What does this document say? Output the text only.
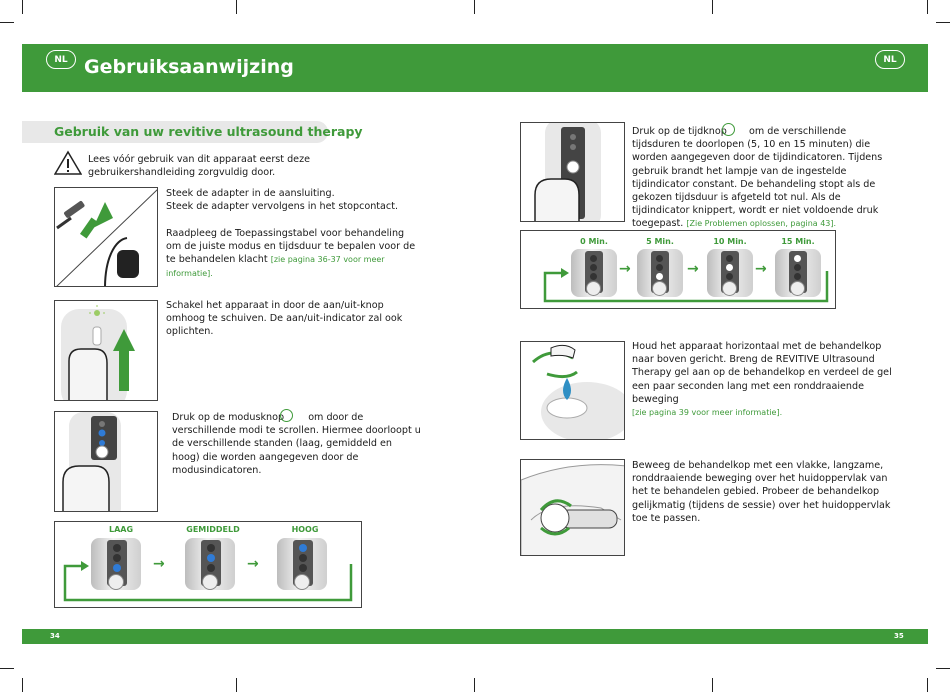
NL	NL
Gebruiksaanwijzing
Gebruik van uw revitive ultrasound therapy
Lees vóór gebruik van dit apparaat eerst deze gebruikershandleiding zorgvuldig door.
Steek de adapter in de aansluiting.
Steek de adapter vervolgens in het stopcontact.
Raadpleeg de Toepassingstabel voor behandeling om de juiste modus en tijdsduur te bepalen voor de te behandelen klacht [zie pagina 36-37 voor meer informatie].
Schakel het apparaat in door de aan/uit-knop omhoog te schuiven. De aan/uit-indicator zal ook oplichten.
Druk op de modusknop	om door de verschillende modi te scrollen. Hiermee doorloopt u de verschillende standen (laag, gemiddeld en hoog) die worden aangegeven door de modusindicatoren.
LAAG	GEMIDDELD	HOOG
→	→
Druk op de tijdknop om de verschillende tijdsduren te doorlopen (5, 10 en 15 minuten) die worden aangegeven door de tijdindicatoren. Tijdens gebruik brandt het lampje van de ingestelde tijdindicator constant. De behandeling stopt als de gekozen tijdsduur is afgeteld tot nul. Als de tijdindicator knippert, wordt er niet voldoende druk toegepast. [Zie Problemen oplossen, pagina 43].
0 Min.	5 Min.	10 Min.	15 Min.
→	→	→
Houd het apparaat horizontaal met de behandelkop naar boven gericht. Breng de REVITIVE Ultrasound Therapy gel aan op de behandelkop en verdeel de gel een paar seconden lang met een ronddraaiende beweging
[zie pagina 39 voor meer informatie].
Beweeg de behandelkop met een vlakke, langzame, ronddraaiende beweging over het huidoppervlak van het te behandelen gebied. Probeer de behandelkop gelijkmatig (tijdens de sessie) over het huidoppervlak toe te passen.
34	35
